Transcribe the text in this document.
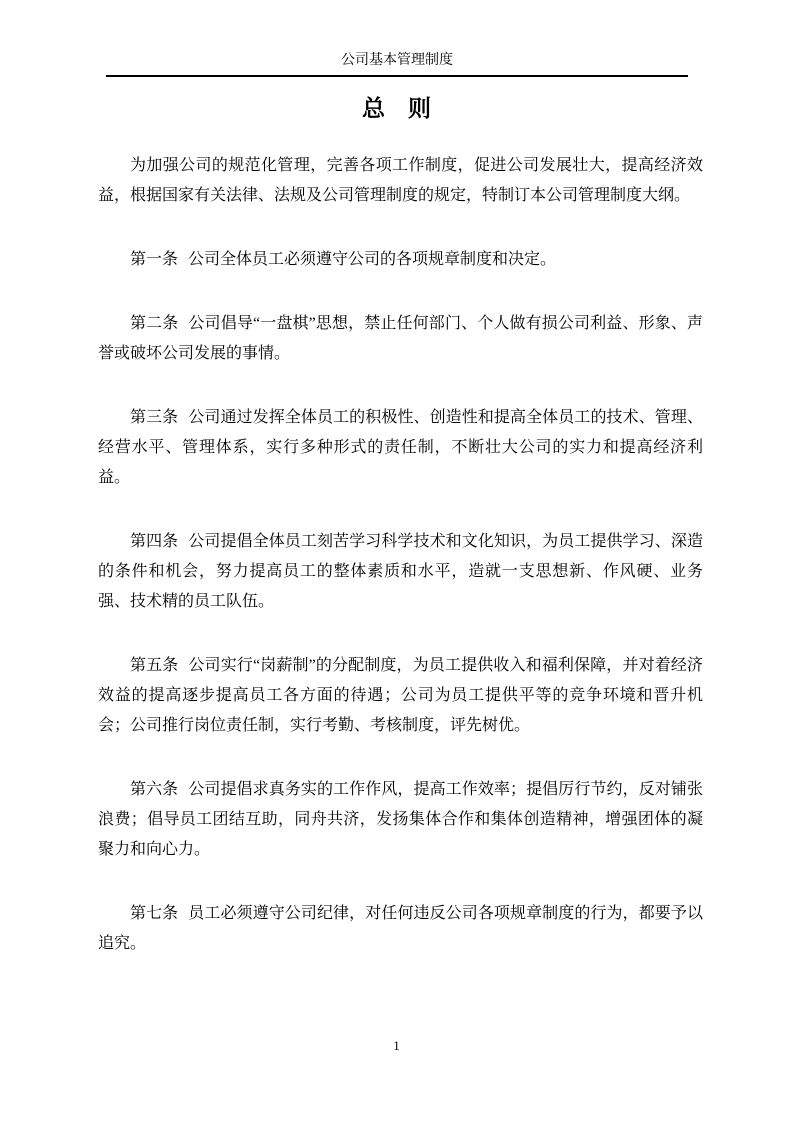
公司基本管理制度
总　则

为加强公司的规范化管理，完善各项工作制度，促进公司发展壮大，提高经济效益，根据国家有关法律、法规及公司管理制度的规定，特制订本公司管理制度大纲。

第一条 公司全体员工必须遵守公司的各项规章制度和决定。

第二条 公司倡导“一盘棋”思想，禁止任何部门、个人做有损公司利益、形象、声誉或破坏公司发展的事情。

第三条 公司通过发挥全体员工的积极性、创造性和提高全体员工的技术、管理、经营水平、管理体系，实行多种形式的责任制，不断壮大公司的实力和提高经济利益。

第四条 公司提倡全体员工刻苦学习科学技术和文化知识，为员工提供学习、深造的条件和机会，努力提高员工的整体素质和水平，造就一支思想新、作风硬、业务强、技术精的员工队伍。

第五条 公司实行“岗薪制”的分配制度，为员工提供收入和福利保障，并对着经济效益的提高逐步提高员工各方面的待遇；公司为员工提供平等的竞争环境和晋升机会；公司推行岗位责任制，实行考勤、考核制度，评先树优。

第六条 公司提倡求真务实的工作作风，提高工作效率；提倡厉行节约，反对铺张浪费；倡导员工团结互助，同舟共济，发扬集体合作和集体创造精神，增强团体的凝聚力和向心力。

第七条 员工必须遵守公司纪律，对任何违反公司各项规章制度的行为，都要予以追究。

1
